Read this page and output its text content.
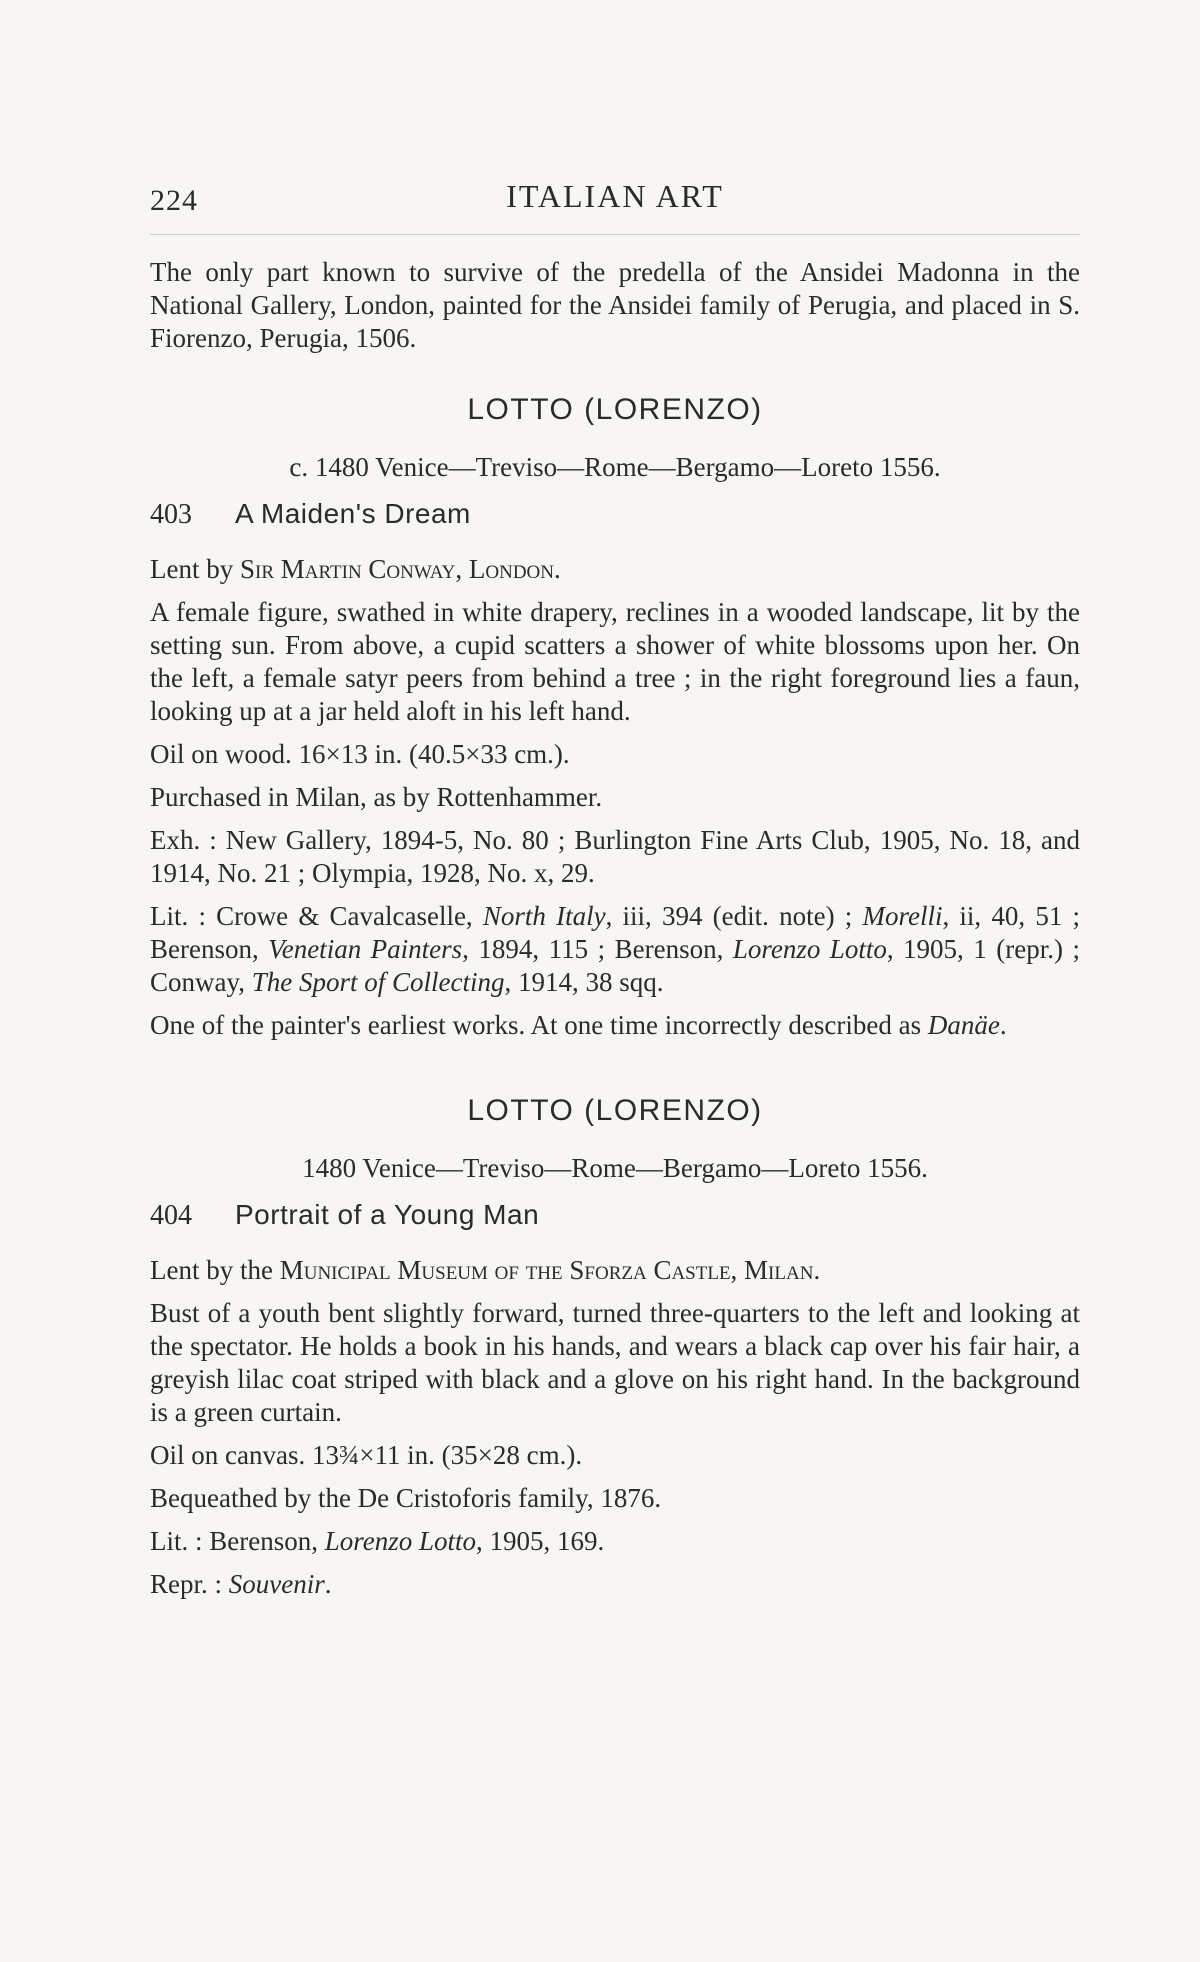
224	ITALIAN ART

The only part known to survive of the predella of the Ansidei Madonna in the National Gallery, London, painted for the Ansidei family of Perugia, and placed in S. Fiorenzo, Perugia, 1506.

LOTTO (LORENZO)

c. 1480 Venice—Treviso—Rome—Bergamo—Loreto 1556.

403	A Maiden's Dream

Lent by Sir Martin Conway, London.

A female figure, swathed in white drapery, reclines in a wooded landscape, lit by the setting sun. From above, a cupid scatters a shower of white blossoms upon her. On the left, a female satyr peers from behind a tree ; in the right foreground lies a faun, looking up at a jar held aloft in his left hand.

Oil on wood. 16×13 in. (40.5×33 cm.).

Purchased in Milan, as by Rottenhammer.

Exh. : New Gallery, 1894-5, No. 80 ; Burlington Fine Arts Club, 1905, No. 18, and 1914, No. 21 ; Olympia, 1928, No. x, 29.

Lit. : Crowe & Cavalcaselle, North Italy, iii, 394 (edit. note) ; Morelli, ii, 40, 51 ; Berenson, Venetian Painters, 1894, 115 ; Berenson, Lorenzo Lotto, 1905, 1 (repr.) ; Conway, The Sport of Collecting, 1914, 38 sqq.

One of the painter's earliest works. At one time incorrectly described as Danäe.

LOTTO (LORENZO)

1480 Venice—Treviso—Rome—Bergamo—Loreto 1556.

404	Portrait of a Young Man

Lent by the Municipal Museum of the Sforza Castle, Milan.

Bust of a youth bent slightly forward, turned three-quarters to the left and looking at the spectator. He holds a book in his hands, and wears a black cap over his fair hair, a greyish lilac coat striped with black and a glove on his right hand. In the background is a green curtain.

Oil on canvas. 13¾×11 in. (35×28 cm.).

Bequeathed by the De Cristoforis family, 1876.

Lit. : Berenson, Lorenzo Lotto, 1905, 169.

Repr. : Souvenir.
